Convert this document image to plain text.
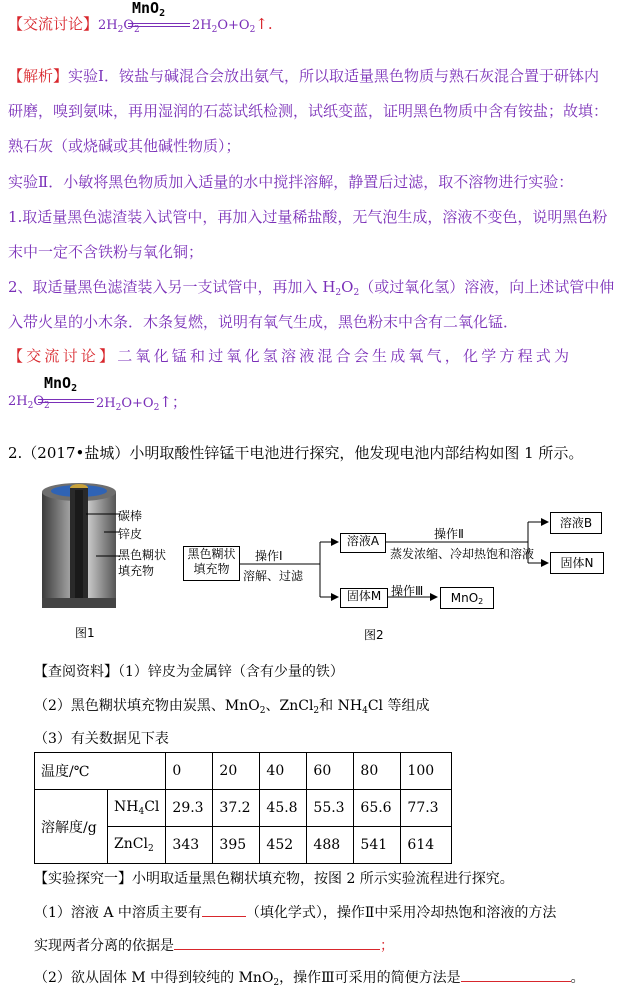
【交流讨论】$2H_2O_2$
MnO$_2$
$2H_2O+O_2↑$.
【解析】实验Ⅰ．铵盐与碱混合会放出氨气，所以取适量黑色物质与熟石灰混合置于研钵内
研磨，嗅到氨味，再用湿润的石蕊试纸检测，试纸变蓝，证明黑色物质中含有铵盐；故填：
熟石灰（或烧碱或其他碱性物质）；
实验Ⅱ．小敏将黑色物质加入适量的水中搅拌溶解，静置后过滤，取不溶物进行实验：
1.取适量黑色滤渣装入试管中，再加入过量稀盐酸，无气泡生成，溶液不变色，说明黑色粉
末中一定不含铁粉与氧化铜；
2、取适量黑色滤渣装入另一支试管中，再加入 $H_2O_2$（或过氧化氢）溶液，向上述试管中伸
入带火星的小木条．木条复燃，说明有氧气生成，黑色粉末中含有二氧化锰．
【交流讨论】二氧化锰和过氧化氢溶液混合会生成氧气，化学方程式为
$2H_2O_2$
MnO$_2$
$2H_2O+O_2↑$；
2.（2017•盐城）小明取酸性锌锰干电池进行探究，他发现电池内部结构如图 1 所示。
碳棒
锌皮
黑色糊状
填充物
图1
黑色糊状
填充物
操作Ⅰ
溶解、过滤
溶液A	操作Ⅱ
蒸发浓缩、冷却热饱和溶液
溶液B
固体N
固体M 操作Ⅲ	MnO2
图2
【查阅资料】（1）锌皮为金属锌（含有少量的铁）
（2）黑色糊状填充物由炭黑、MnO$_2$、ZnCl$_2$和 $NH_4Cl$ 等组成
（3）有关数据见下表
温度/℃		0	20	40	60	80	100
溶解度/g	$NH_4Cl$	29.3	37.2	45.8	55.3	65.6	77.3
	ZnCl$_2$	343	395	452	488	541	614
【实验探究一】小明取适量黑色糊状填充物，按图 2 所示实验流程进行探究。
（1）溶液 A 中溶质主要有	（填化学式），操作Ⅱ中采用冷却热饱和溶液的方法
实现两者分离的依据是	；
（2）欲从固体 M 中得到较纯的 MnO$_2$，操作Ⅲ可采用的简便方法是	。
